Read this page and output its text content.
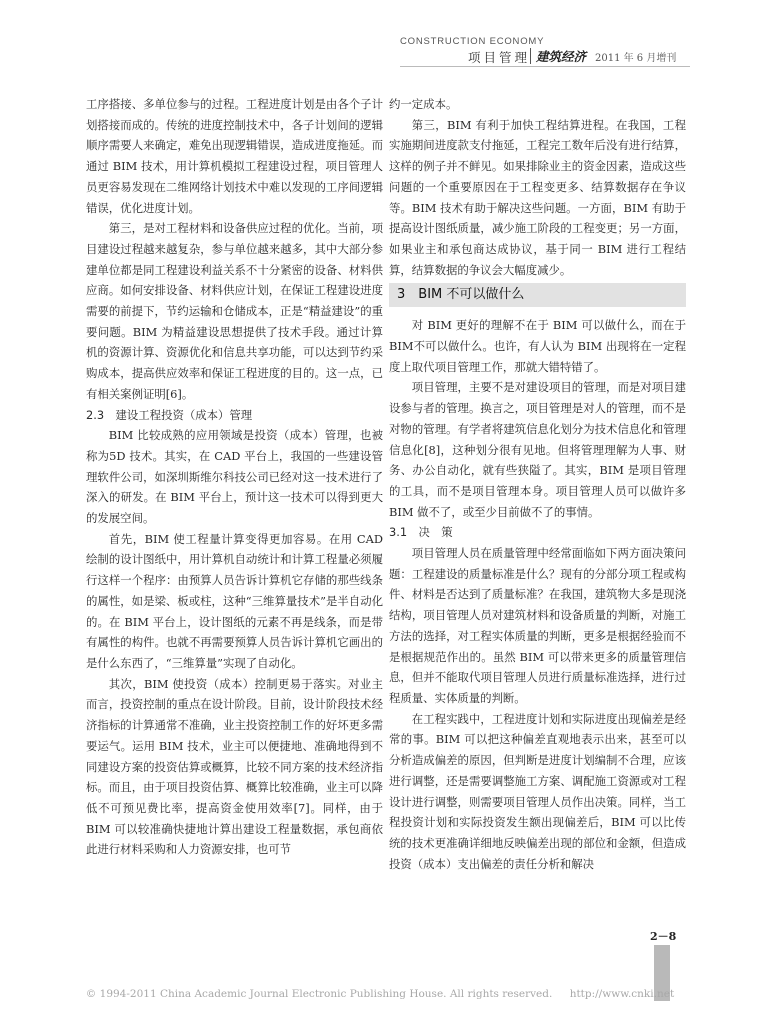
CONSTRUCTION ECONOMY
项目管理 建筑经济 2011 年 6 月增刊

工序搭接、多单位参与的过程。工程进度计划是由各个子计划搭接而成的。传统的进度控制技术中，各子计划间的逻辑顺序需要人来确定，难免出现逻辑错误，造成进度拖延。而通过 BIM 技术，用计算机模拟工程建设过程，项目管理人员更容易发现在二维网络计划技术中难以发现的工序间逻辑错误，优化进度计划。

第三，是对工程材料和设备供应过程的优化。当前，项目建设过程越来越复杂，参与单位越来越多，其中大部分参建单位都是同工程建设利益关系不十分紧密的设备、材料供应商。如何安排设备、材料供应计划，在保证工程建设进度需要的前提下，节约运输和仓储成本，正是“精益建设”的重要问题。BIM 为精益建设思想提供了技术手段。通过计算机的资源计算、资源优化和信息共享功能，可以达到节约采购成本，提高供应效率和保证工程进度的目的。这一点，已有相关案例证明[6]。

2.3　建设工程投资（成本）管理

BIM 比较成熟的应用领域是投资（成本）管理，也被称为5D 技术。其实，在 CAD 平台上，我国的一些建设管理软件公司，如深圳斯维尔科技公司已经对这一技术进行了深入的研发。在 BIM 平台上，预计这一技术可以得到更大的发展空间。

首先，BIM 使工程量计算变得更加容易。在用 CAD 绘制的设计图纸中，用计算机自动统计和计算工程量必须履行这样一个程序：由预算人员告诉计算机它存储的那些线条的属性，如是梁、板或柱，这种“三维算量技术”是半自动化的。在 BIM 平台上，设计图纸的元素不再是线条，而是带有属性的构件。也就不再需要预算人员告诉计算机它画出的是什么东西了，“三维算量”实现了自动化。

其次，BIM 使投资（成本）控制更易于落实。对业主而言，投资控制的重点在设计阶段。目前，设计阶段技术经济指标的计算通常不准确，业主投资控制工作的好坏更多需要运气。运用 BIM 技术，业主可以便捷地、准确地得到不同建设方案的投资估算或概算，比较不同方案的技术经济指标。而且，由于项目投资估算、概算比较准确，业主可以降低不可预见费比率，提高资金使用效率[7]。同样，由于 BIM 可以较准确快捷地计算出建设工程量数据，承包商依此进行材料采购和人力资源安排，也可节

约一定成本。

第三，BIM 有利于加快工程结算进程。在我国，工程实施期间进度款支付拖延，工程完工数年后没有进行结算，这样的例子并不鲜见。如果排除业主的资金因素，造成这些问题的一个重要原因在于工程变更多、结算数据存在争议等。BIM 技术有助于解决这些问题。一方面，BIM 有助于提高设计图纸质量，减少施工阶段的工程变更；另一方面，如果业主和承包商达成协议，基于同一 BIM 进行工程结算，结算数据的争议会大幅度减少。

3　BIM 不可以做什么

对 BIM 更好的理解不在于 BIM 可以做什么，而在于BIM不可以做什么。也许，有人认为 BIM 出现将在一定程度上取代项目管理工作，那就大错特错了。

项目管理，主要不是对建设项目的管理，而是对项目建设参与者的管理。换言之，项目管理是对人的管理，而不是对物的管理。有学者将建筑信息化划分为技术信息化和管理信息化[8]，这种划分很有见地。但将管理理解为人事、财务、办公自动化，就有些狭隘了。其实，BIM 是项目管理的工具，而不是项目管理本身。项目管理人员可以做许多BIM 做不了，或至少目前做不了的事情。

3.1　决　策

项目管理人员在质量管理中经常面临如下两方面决策问题：工程建设的质量标准是什么？现有的分部分项工程或构件、材料是否达到了质量标准？在我国，建筑物大多是现浇结构，项目管理人员对建筑材料和设备质量的判断，对施工方法的选择，对工程实体质量的判断，更多是根据经验而不是根据规范作出的。虽然 BIM 可以带来更多的质量管理信息，但并不能取代项目管理人员进行质量标准选择，进行过程质量、实体质量的判断。

在工程实践中，工程进度计划和实际进度出现偏差是经常的事。BIM 可以把这种偏差直观地表示出来，甚至可以分析造成偏差的原因，但判断是进度计划编制不合理，应该进行调整，还是需要调整施工方案、调配施工资源或对工程设计进行调整，则需要项目管理人员作出决策。同样，当工程投资计划和实际投资发生额出现偏差后，BIM 可以比传统的技术更准确详细地反映偏差出现的部位和金额，但造成投资（成本）支出偏差的责任分析和解决

2－8
© 1994-2011 China Academic Journal Electronic Publishing House. All rights reserved. http://www.cnki.net
